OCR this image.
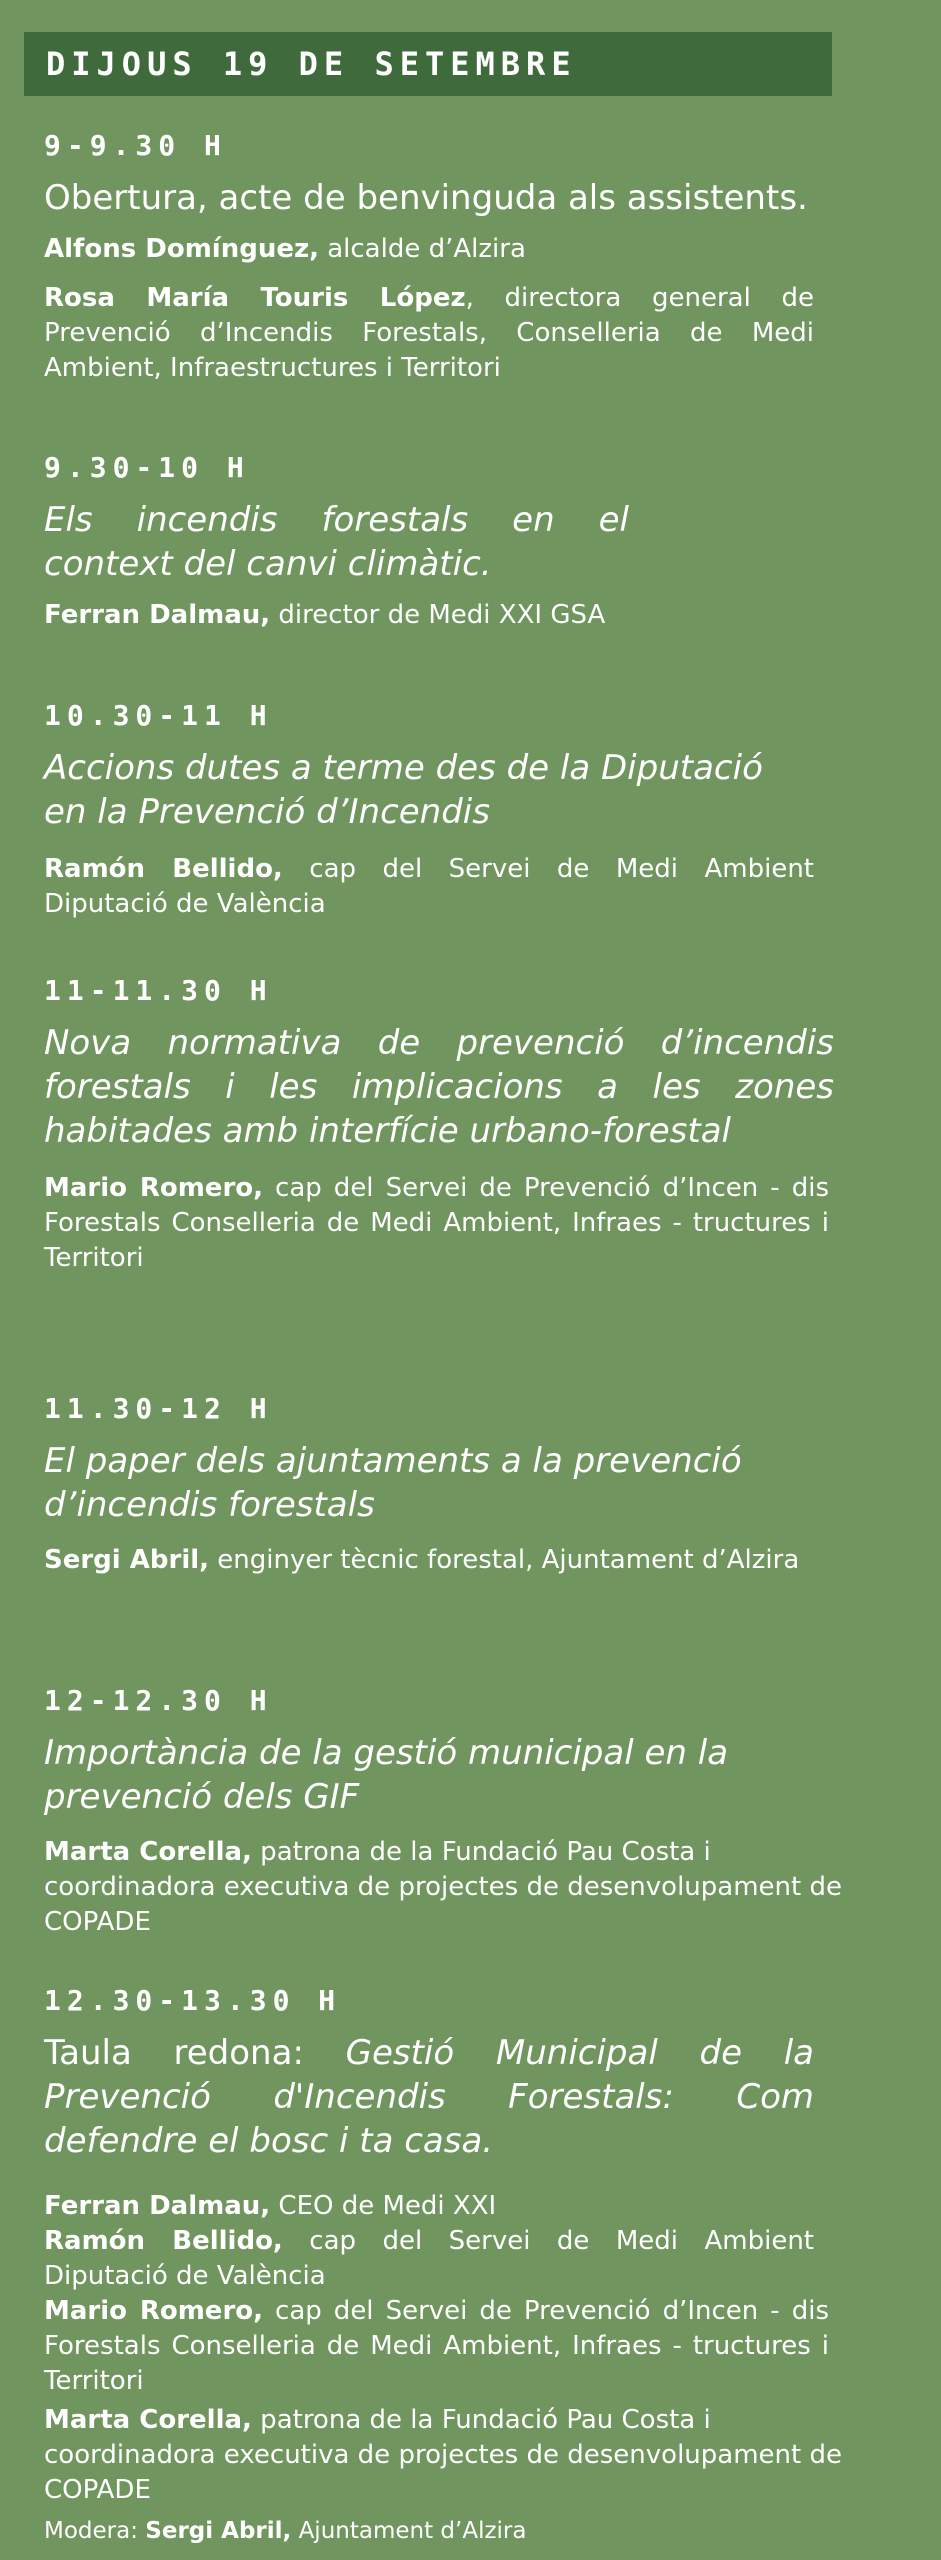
DIJOUS 19 DE SETEMBRE
9-9.30 H
Obertura, acte de benvinguda als assistents.

Alfons Domínguez, alcalde d’Alzira

Rosa María Touris López, directora general de Prevenció d’Incendis Forestals, Conselleria de Medi Ambient, Infraestructures i Territori

9.30-10 H
Els incendis forestals en el context del canvi climàtic.

Ferran Dalmau, director de Medi XXI GSA

10.30-11 H
Accions dutes a terme des de la Diputació en la Prevenció d’Incendis

Ramón Bellido, cap del Servei de Medi Ambient Diputació de València

11-11.30 H
Nova normativa de prevenció d’incendis forestals i les implicacions a les zones habitades amb interfície urbano-forestal

Mario Romero, cap del Servei de Prevenció d’Incen - dis Forestals Conselleria de Medi Ambient, Infraes - tructures i Territori

11.30-12 H
El paper dels ajuntaments a la prevenció d’incendis forestals

Sergi Abril, enginyer tècnic forestal, Ajuntament d’Alzira

12-12.30 H
Importància de la gestió municipal en la prevenció dels GIF

Marta Corella, patrona de la Fundació Pau Costa i coordinadora executiva de projectes de desenvolupament de COPADE

12.30-13.30 H
Taula redona: Gestió Municipal de la Prevenció d'Incendis Forestals: Com defendre el bosc i ta casa.

Ferran Dalmau, CEO de Medi XXI

Ramón Bellido, cap del Servei de Medi Ambient Diputació de València

Mario Romero, cap del Servei de Prevenció d’Incen - dis Forestals Conselleria de Medi Ambient, Infraes - tructures i Territori

Marta Corella, patrona de la Fundació Pau Costa i coordinadora executiva de projectes de desenvolupament de COPADE

Modera: Sergi Abril, Ajuntament d’Alzira
